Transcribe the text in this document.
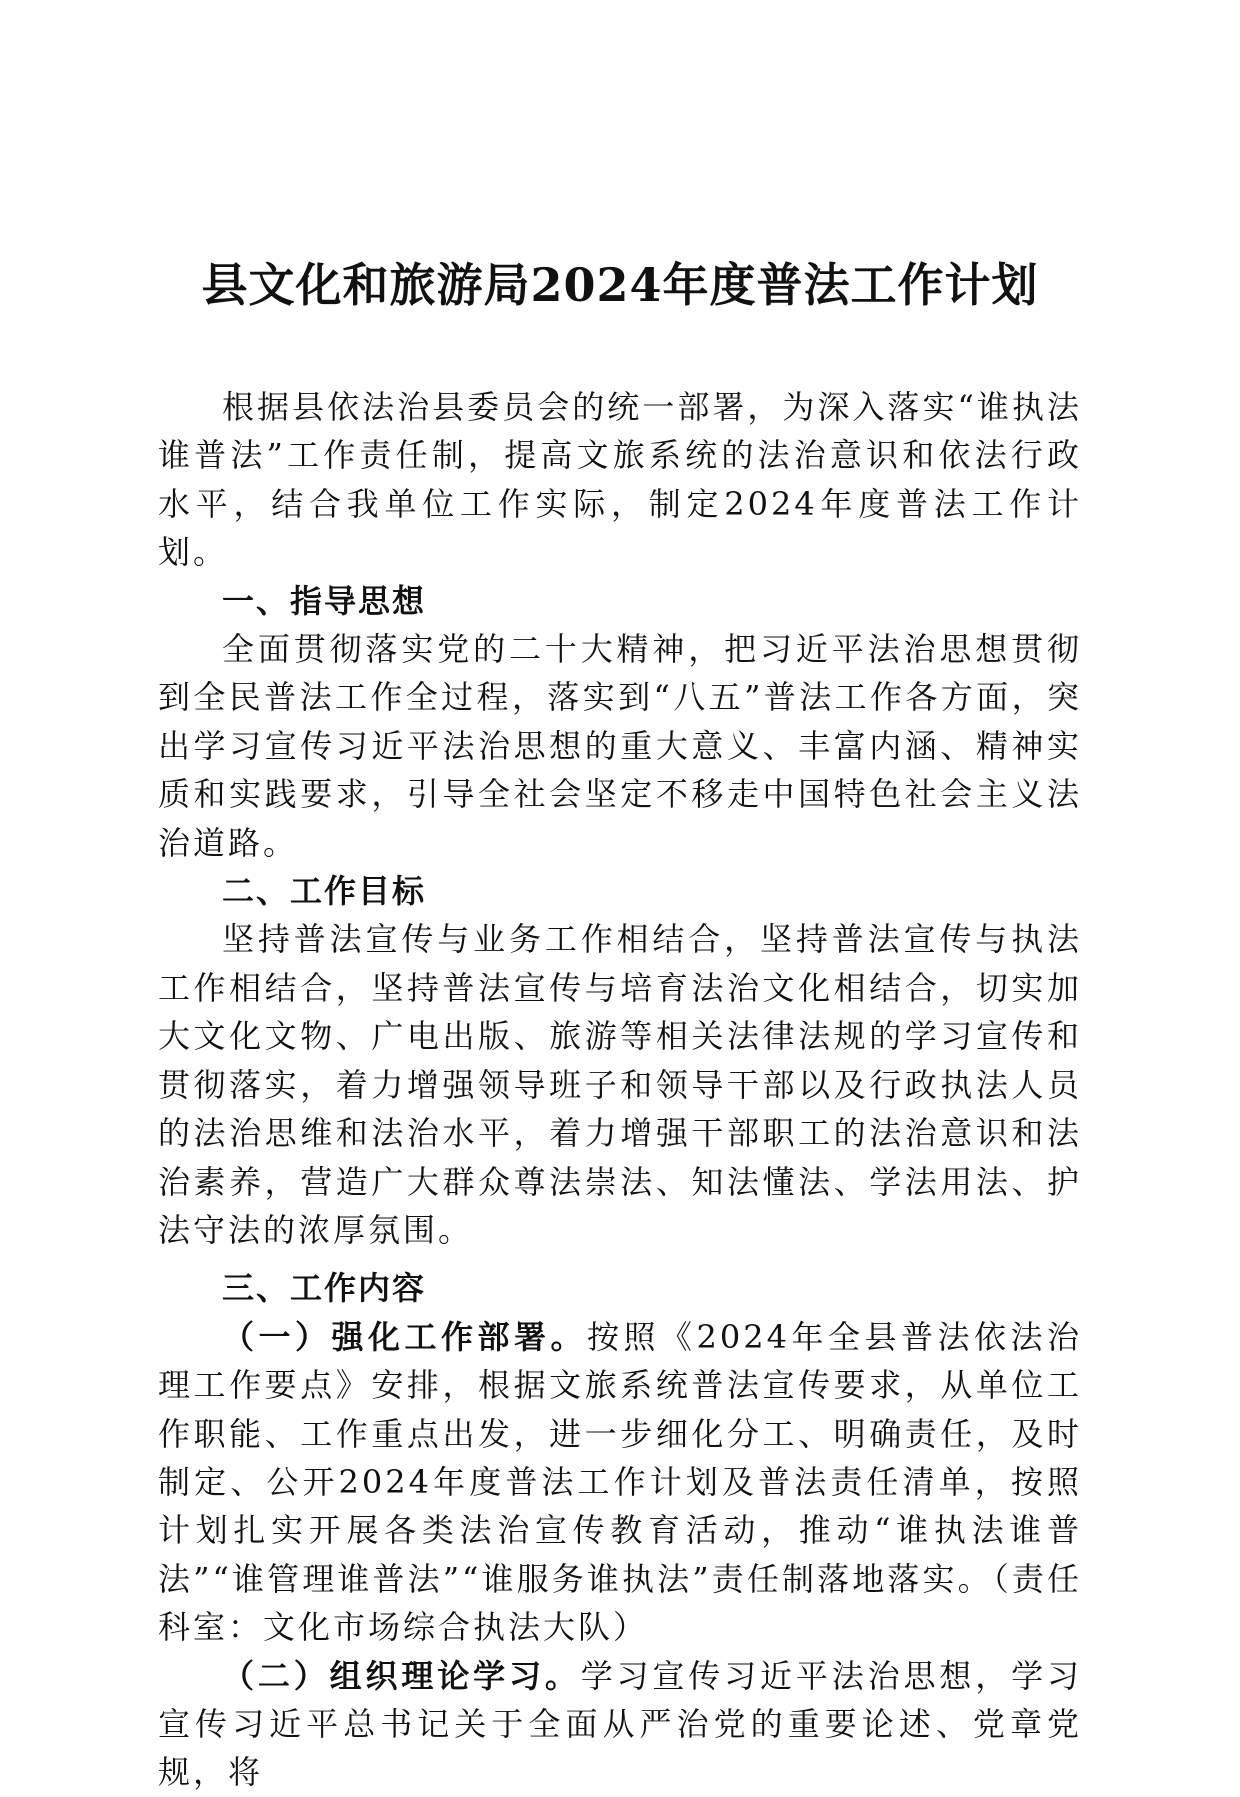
县文化和旅游局2024年度普法工作计划

根据县依法治县委员会的统一部署，为深入落实“谁执法谁普法”工作责任制，提高文旅系统的法治意识和依法行政水平，结合我单位工作实际，制定2024年度普法工作计划。

一、指导思想

全面贯彻落实党的二十大精神，把习近平法治思想贯彻到全民普法工作全过程，落实到“八五”普法工作各方面，突出学习宣传习近平法治思想的重大意义、丰富内涵、精神实质和实践要求，引导全社会坚定不移走中国特色社会主义法治道路。

二、工作目标

坚持普法宣传与业务工作相结合，坚持普法宣传与执法工作相结合，坚持普法宣传与培育法治文化相结合，切实加大文化文物、广电出版、旅游等相关法律法规的学习宣传和贯彻落实，着力增强领导班子和领导干部以及行政执法人员的法治思维和法治水平，着力增强干部职工的法治意识和法治素养，营造广大群众尊法崇法、知法懂法、学法用法、护法守法的浓厚氛围。

三、工作内容

（一）强化工作部署。按照《2024年全县普法依法治理工作要点》安排，根据文旅系统普法宣传要求，从单位工作职能、工作重点出发，进一步细化分工、明确责任，及时制定、公开2024年度普法工作计划及普法责任清单，按照计划扎实开展各类法治宣传教育活动，推动“谁执法谁普法”“谁管理谁普法”“谁服务谁执法”责任制落地落实。（责任科室：文化市场综合执法大队）

（二）组织理论学习。学习宣传习近平法治思想，学习宣传习近平总书记关于全面从严治党的重要论述、党章党规，将
